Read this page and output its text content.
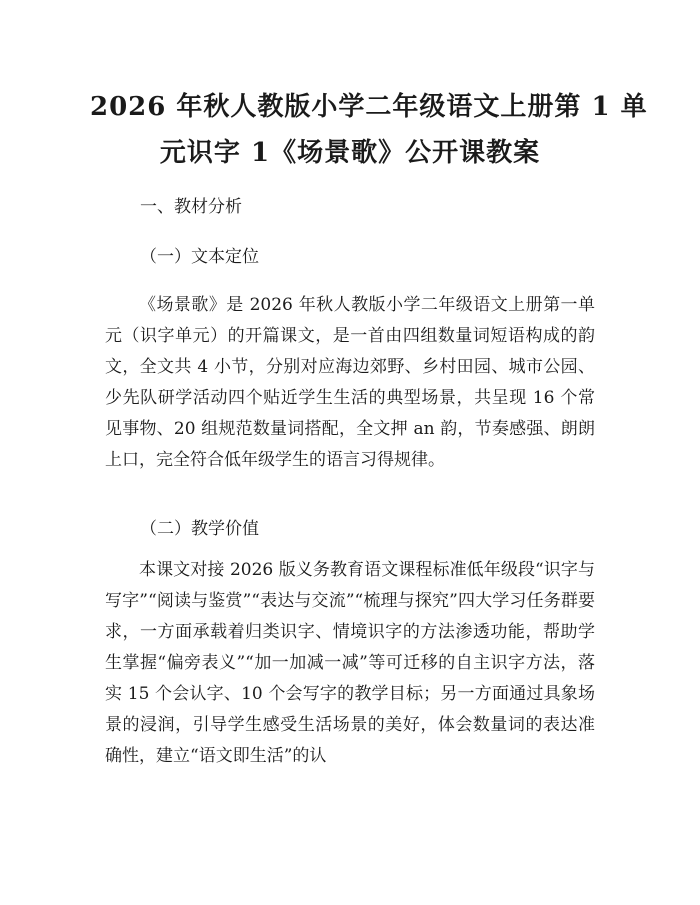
2026 年秋人教版小学二年级语文上册第 1 单
元识字 1《场景歌》公开课教案

一、教材分析

（一）文本定位

《场景歌》是 2026 年秋人教版小学二年级语文上册第一单元（识字单元）的开篇课文，是一首由四组数量词短语构成的韵文，全文共 4 小节，分别对应海边郊野、乡村田园、城市公园、少先队研学活动四个贴近学生生活的典型场景，共呈现 16 个常见事物、20 组规范数量词搭配，全文押 an 韵，节奏感强、朗朗上口，完全符合低年级学生的语言习得规律。

（二）教学价值

本课文对接 2026 版义务教育语文课程标准低年级段“识字与写字”“阅读与鉴赏”“表达与交流”“梳理与探究”四大学习任务群要求，一方面承载着归类识字、情境识字的方法渗透功能，帮助学生掌握“偏旁表义”“加一加减一减”等可迁移的自主识字方法，落实 15 个会认字、10 个会写字的教学目标；另一方面通过具象场景的浸润，引导学生感受生活场景的美好，体会数量词的表达准确性，建立“语文即生活”的认
